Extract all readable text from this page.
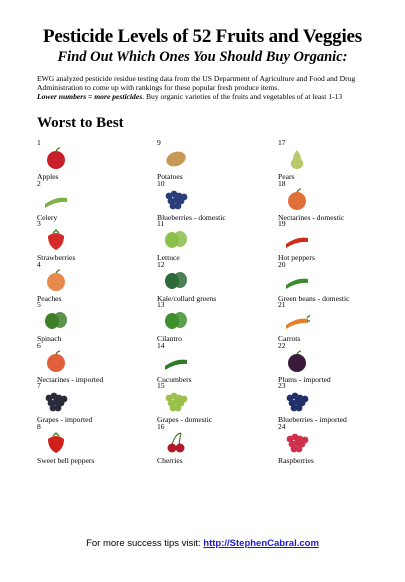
Pesticide Levels of 52 Fruits and Veggies
Find Out Which Ones You Should Buy Organic:
EWG analyzed pesticide residue testing data from the US Department of Agriculture and Food and Drug Administration to come up with rankings for these popular fresh produce items.
Lower numbers = more pesticides. Buy organic varieties of the fruits and vegetables of at least 1-13
Worst to Best
1
Apples
2
Celery
3
Strawberries
4
Peaches
5
Spinach
6
Nectarines - imported
7
Grapes - imported
8
Sweet bell peppers
9
Potatoes
10
Blueberries - domestic
11
Lettuce
12
Kale/collard greens
13
Cilantro
14
Cucumbers
15
Grapes - domestic
16
Cherries
17
Pears
18
Nectarines - domestic
19
Hot peppers
20
Green beans - domestic
21
Carrots
22
Plums - imported
23
Blueberries - imported
24
Raspberries
For more success tips visit: http://StephenCabral.com
